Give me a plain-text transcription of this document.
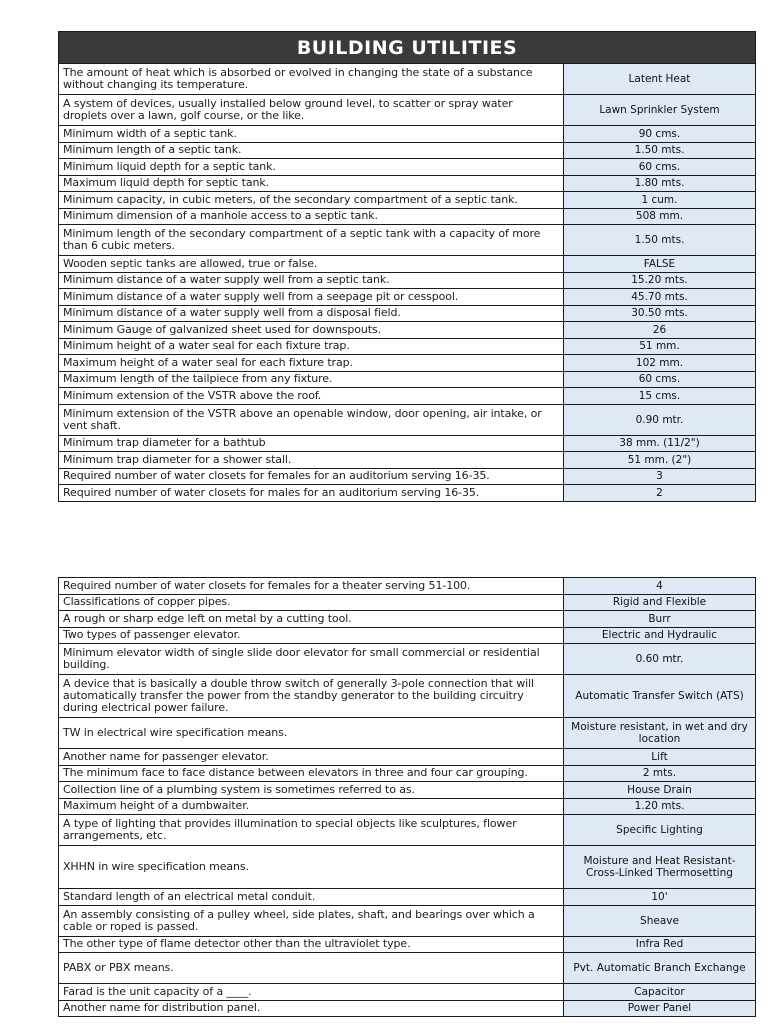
BUILDING UTILITIES	
The amount of heat which is absorbed or evolved in changing the state of a substance without changing its temperature.	Latent Heat
A system of devices, usually installed below ground level, to scatter or spray water droplets over a lawn, golf course, or the like.	Lawn Sprinkler System
Minimum width of a septic tank.	90 cms.
Minimum length of a septic tank.	1.50 mts.
Minimum liquid depth for a septic tank.	60 cms.
Maximum liquid depth for septic tank.	1.80 mts.
Minimum capacity, in cubic meters, of the secondary compartment of a septic tank.	1 cum.
Minimum dimension of a manhole access to a septic tank.	508 mm.
Minimum length of the secondary compartment of a septic tank with a capacity of more than 6 cubic meters.	1.50 mts.
Wooden septic tanks are allowed, true or false.	FALSE
Minimum distance of a water supply well from a septic tank.	15.20 mts.
Minimum distance of a water supply well from a seepage pit or cesspool.	45.70 mts.
Minimum distance of a water supply well from a disposal field.	30.50 mts.
Minimum Gauge of galvanized sheet used for downspouts.	26
Minimum height of a water seal for each fixture trap.	51 mm.
Maximum height of a water seal for each fixture trap.	102 mm.
Maximum length of the tailpiece from any fixture.	60 cms.
Minimum extension of the VSTR above the roof.	15 cms.
Minimum extension of the VSTR above an openable window, door opening, air intake, or vent shaft.	0.90 mtr.
Minimum trap diameter for a bathtub	38 mm. (11/2")
Minimum trap diameter for a shower stall.	51 mm. (2")
Required number of water closets for females for an auditorium serving 16-35.	3
Required number of water closets for males for an auditorium serving 16-35.	2
Required number of water closets for females for a theater serving 51-100.	4
Classifications of copper pipes.	Rigid and Flexible
A rough or sharp edge left on metal by a cutting tool.	Burr
Two types of passenger elevator.	Electric and Hydraulic
Minimum elevator width of single slide door elevator for small commercial or residential building.	0.60 mtr.
A device that is basically a double throw switch of generally 3-pole connection that will automatically transfer the power from the standby generator to the building circuitry during electrical power failure.	Automatic Transfer Switch (ATS)
TW in electrical wire specification means.	Moisture resistant, in wet and dry location
Another name for passenger elevator.	Lift
The minimum face to face distance between elevators in three and four car grouping.	2 mts.
Collection line of a plumbing system is sometimes referred to as.	House Drain
Maximum height of a dumbwaiter.	1.20 mts.
A type of lighting that provides illumination to special objects like sculptures, flower arrangements, etc.	Specific Lighting
XHHN in wire specification means.	Moisture and Heat Resistant- Cross-Linked Thermosetting
Standard length of an electrical metal conduit.	10'
An assembly consisting of a pulley wheel, side plates, shaft, and bearings over which a cable or roped is passed.	Sheave
The other type of flame detector other than the ultraviolet type.	Infra Red
PABX or PBX means.	Pvt. Automatic Branch Exchange
Farad is the unit capacity of a ____.	Capacitor
Another name for distribution panel.	Power Panel
